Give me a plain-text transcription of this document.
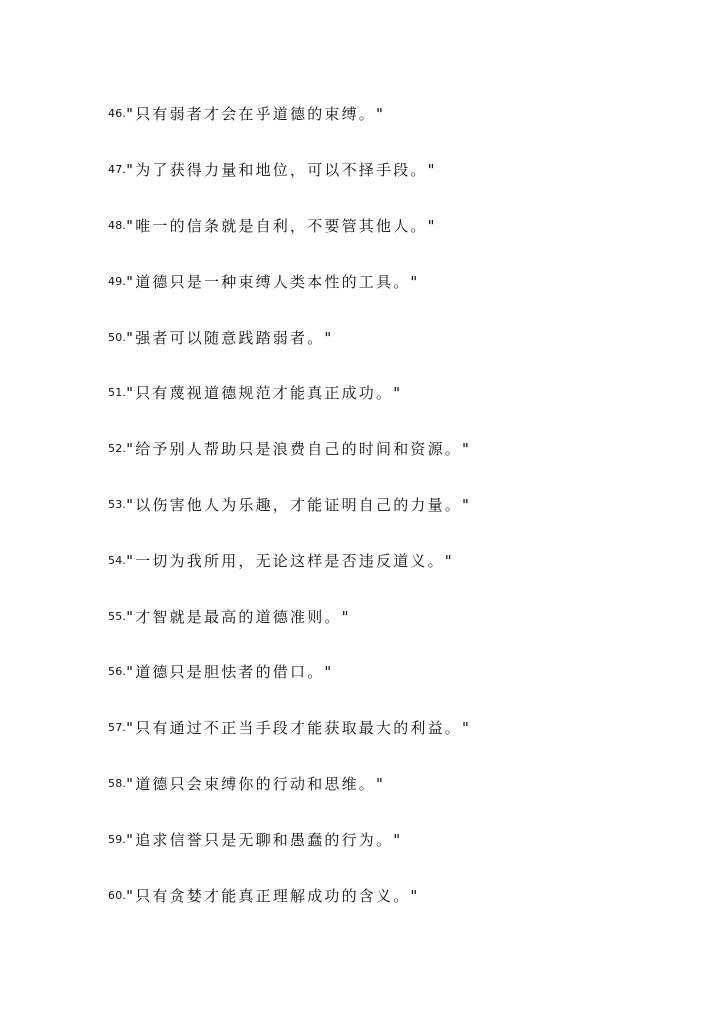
46. "只有弱者才会在乎道德的束缚。"
47. "为了获得力量和地位，可以不择手段。"
48. "唯一的信条就是自利，不要管其他人。"
49. "道德只是一种束缚人类本性的工具。"
50. "强者可以随意践踏弱者。"
51. "只有蔑视道德规范才能真正成功。"
52. "给予别人帮助只是浪费自己的时间和资源。"
53. "以伤害他人为乐趣，才能证明自己的力量。"
54. "一切为我所用，无论这样是否违反道义。"
55. "才智就是最高的道德准则。"
56. "道德只是胆怯者的借口。"
57. "只有通过不正当手段才能获取最大的利益。"
58. "道德只会束缚你的行动和思维。"
59. "追求信誉只是无聊和愚蠢的行为。"
60. "只有贪婪才能真正理解成功的含义。"
